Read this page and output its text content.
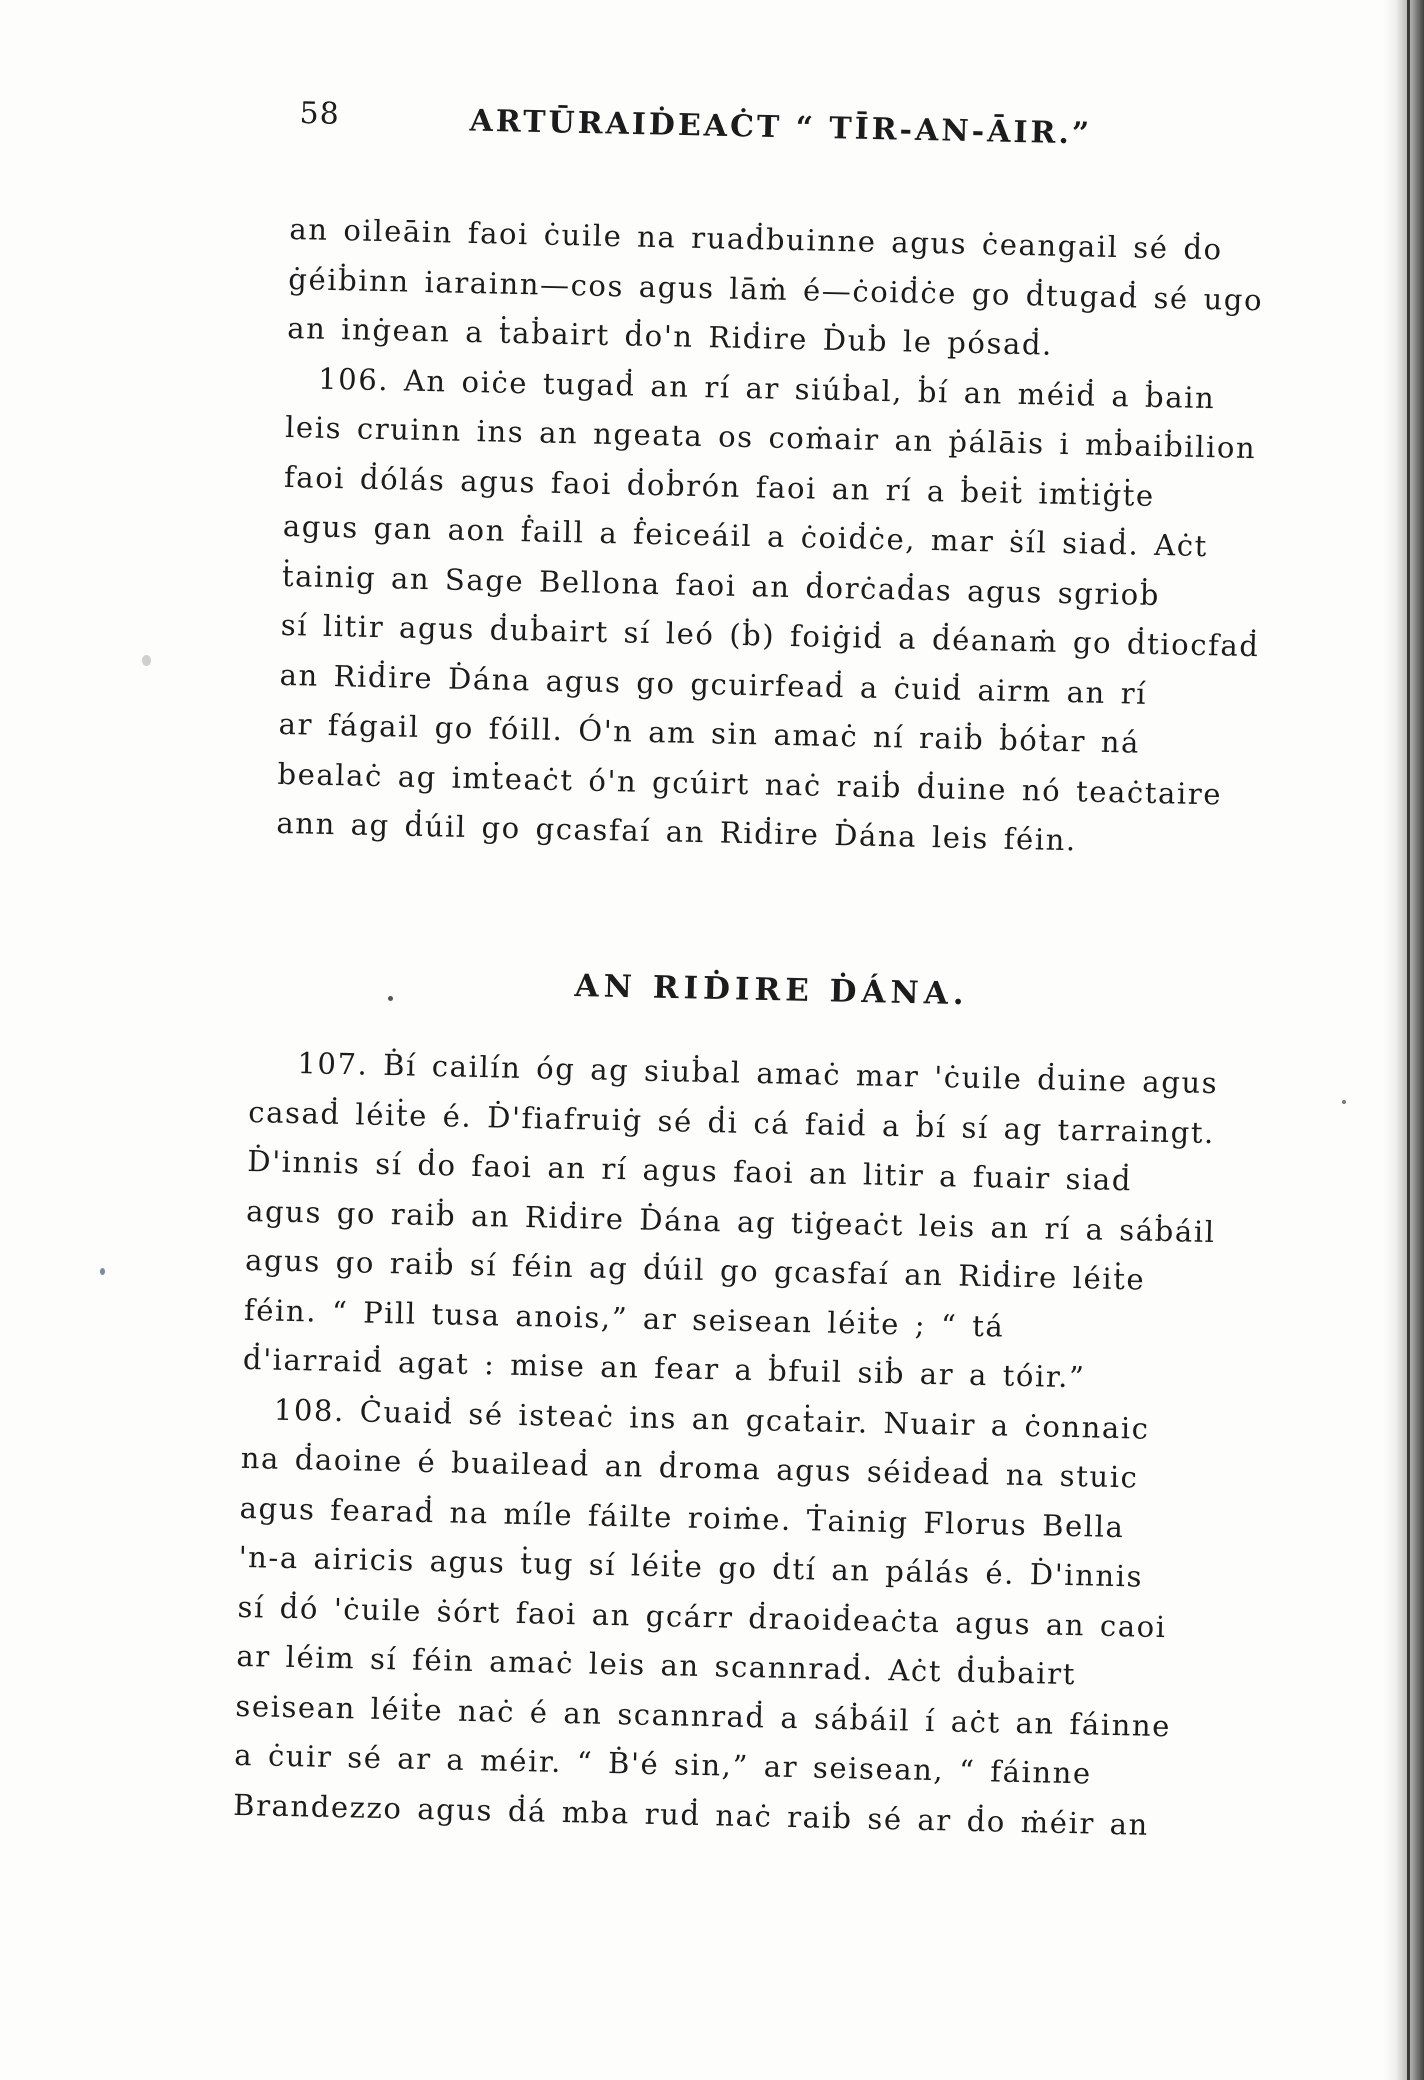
58	ARTŪRAIḊEAĊT “ TĪR-AN-ĀIR.”
an oileāin faoi ċuile na ruaḋbuinne agus ċeangail sé ḋo
ġéiḃinn iarainn—cos agus lāṁ é—ċoiḋċe go ḋtugaḋ sé ugo
an inġean a ṫaḃairt ḋo'n Riḋire Ḋuḃ le pósaḋ.
106. An oiċe tugaḋ an rí ar siúḃal, ḃí an méiḋ a ḃain
leis cruinn ins an ngeata os coṁair an ṗálāis i mḃaiḃilion
faoi ḋólás agus faoi ḋoḃrón faoi an rí a ḃeiṫ imṫiġṫe
agus gan aon ḟaill a ḟeiceáil a ċoiḋċe, mar ṡíl siaḋ. Aċt
ṫainig an Sage Bellona faoi an ḋorċaḋas agus sgrioḃ
sí litir agus ḋuḃairt sí leó (ḃ) foiġiḋ a ḋéanaṁ go ḋtiocfaḋ
an Riḋire Ḋána agus go gcuirfeaḋ a ċuiḋ airm an rí
ar fágail go fóill. Ó'n am sin amaċ ní raiḃ ḃóṫar ná
bealaċ ag imṫeaċt ó'n gcúirt naċ raiḃ ḋuine nó teaċtaire
ann ag ḋúil go gcasfaí an Riḋire Ḋána leis féin.
AN RIḊIRE ḊÁNA.
107. Ḃí cailín óg ag siuḃal amaċ mar 'ċuile ḋuine agus
casaḋ léiṫe é. Ḋ'fiafruiġ sé ḋi cá faiḋ a ḃí sí ag tarraingt.
Ḋ'innis sí ḋo faoi an rí agus faoi an litir a fuair siaḋ
agus go raiḃ an Riḋire Ḋána ag tiġeaċt leis an rí a sáḃáil
agus go raiḃ sí féin ag ḋúil go gcasfaí an Riḋire léiṫe
féin. “ Pill tusa anois,” ar seisean léiṫe ; “ tá
ḋ'iarraiḋ agat : mise an fear a ḃfuil siḃ ar a tóir.”
108. Ċuaiḋ sé isteaċ ins an gcaṫair. Nuair a ċonnaic
na ḋaoine é buaileaḋ an ḋroma agus séiḋeaḋ na stuic
agus fearaḋ na míle fáilte roiṁe. Ṫainig Florus Bella
'n-a airicis agus ṫug sí léiṫe go ḋtí an pálás é. Ḋ'innis
sí ḋó 'ċuile ṡórt faoi an gcárr ḋraoiḋeaċta agus an caoi
ar léim sí féin amaċ leis an scannraḋ. Aċt ḋuḃairt
seisean léiṫe naċ é an scannraḋ a sáḃáil í aċt an fáinne
a ċuir sé ar a méir. “ Ḃ'é sin,” ar seisean, “ fáinne
Brandezzo agus ḋá mba ruḋ naċ raiḃ sé ar ḋo ṁéir an
